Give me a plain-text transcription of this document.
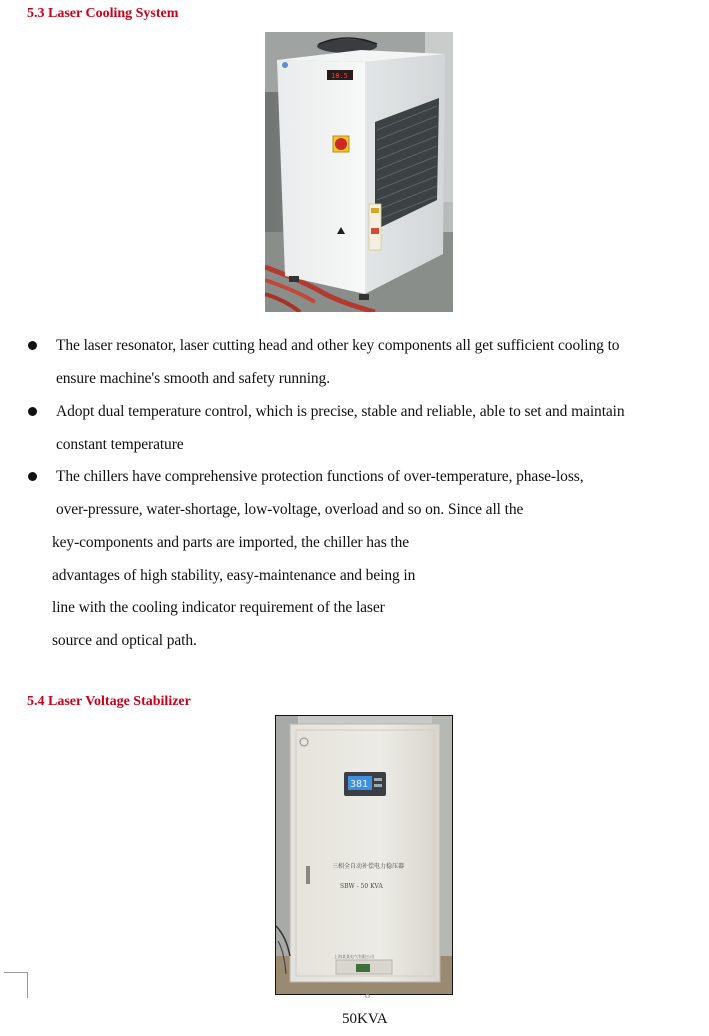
5.3 Laser Cooling System
18.5
The laser resonator, laser cutting head and other key components all get sufficient cooling to
ensure machine's smooth and safety running.
Adopt dual temperature control, which is precise, stable and reliable, able to set and maintain
constant temperature
The chillers have comprehensive protection functions of over-temperature, phase-loss,
over-pressure, water-shortage, low-voltage, overload and so on. Since all the
key-components and parts are imported, the chiller has the
advantages of high stability, easy-maintenance and being in
line with the cooling indicator requirement of the laser
source and optical path.
5.4 Laser Voltage Stabilizer
381
三相全自动补偿电力稳压器
SBW - 50 KVA
上海某某电气有限公司
8
50KVA
